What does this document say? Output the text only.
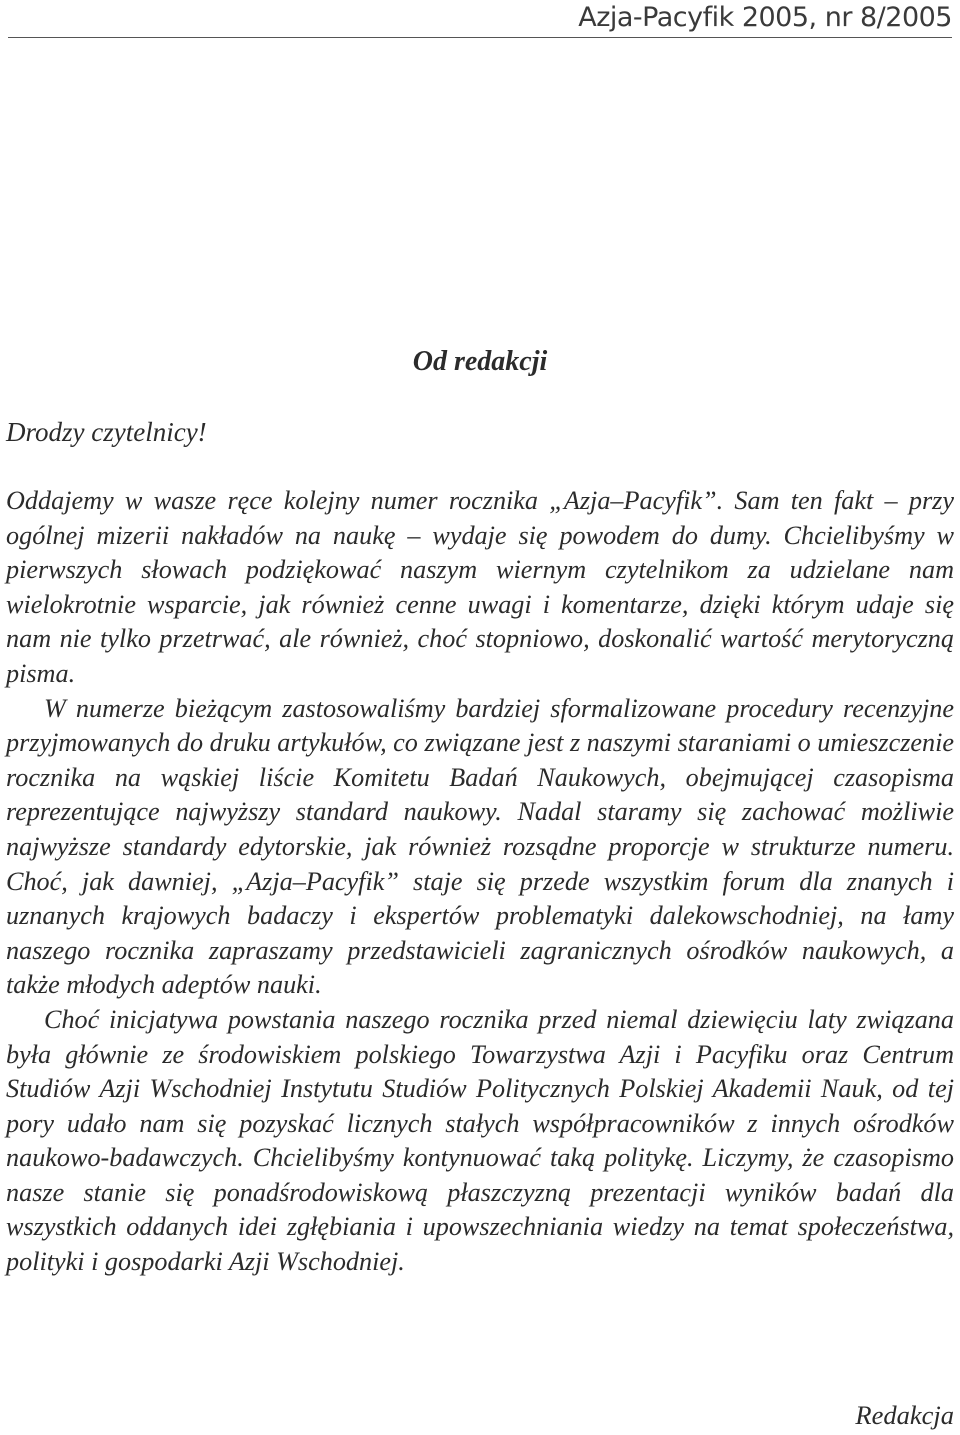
Azja-Pacyfik 2005, nr 8/2005
Od redakcji
Drodzy czytelnicy!

Oddajemy w wasze ręce kolejny numer rocznika „Azja–Pacyfik”. Sam ten fakt – przy ogólnej mizerii nakładów na naukę – wydaje się powodem do dumy. Chcielibyśmy w pierwszych słowach podziękować naszym wiernym czytelnikom za udzielane nam wielokrotnie wsparcie, jak również cenne uwagi i komentarze, dzięki którym udaje się nam nie tylko przetrwać, ale również, choć stopniowo, doskonalić wartość merytoryczną pisma.

W numerze bieżącym zastosowaliśmy bardziej sformalizowane procedury recenzyjne przyjmowanych do druku artykułów, co związane jest z naszymi staraniami o umieszczenie rocznika na wąskiej liście Komitetu Badań Naukowych, obejmującej czasopisma reprezentujące najwyższy standard naukowy. Nadal staramy się zachować możliwie najwyższe standardy edytorskie, jak również rozsądne proporcje w strukturze numeru. Choć, jak dawniej, „Azja–Pacyfik” staje się przede wszystkim forum dla znanych i uznanych krajowych badaczy i ekspertów problematyki dalekowschodniej, na łamy naszego rocznika zapraszamy przedstawicieli zagranicznych ośrodków naukowych, a także młodych adeptów nauki.

Choć inicjatywa powstania naszego rocznika przed niemal dziewięciu laty związana była głównie ze środowiskiem polskiego Towarzystwa Azji i Pacyfiku oraz Centrum Studiów Azji Wschodniej Instytutu Studiów Politycznych Polskiej Akademii Nauk, od tej pory udało nam się pozyskać licznych stałych współpracowników z innych ośrodków naukowo-badawczych. Chcielibyśmy kontynuować taką politykę. Liczymy, że czasopismo nasze stanie się ponadśrodowiskową płaszczyzną prezentacji wyników badań dla wszystkich oddanych idei zgłębiania i upowszechniania wiedzy na temat społeczeństwa, polityki i gospodarki Azji Wschodniej.

Redakcja
